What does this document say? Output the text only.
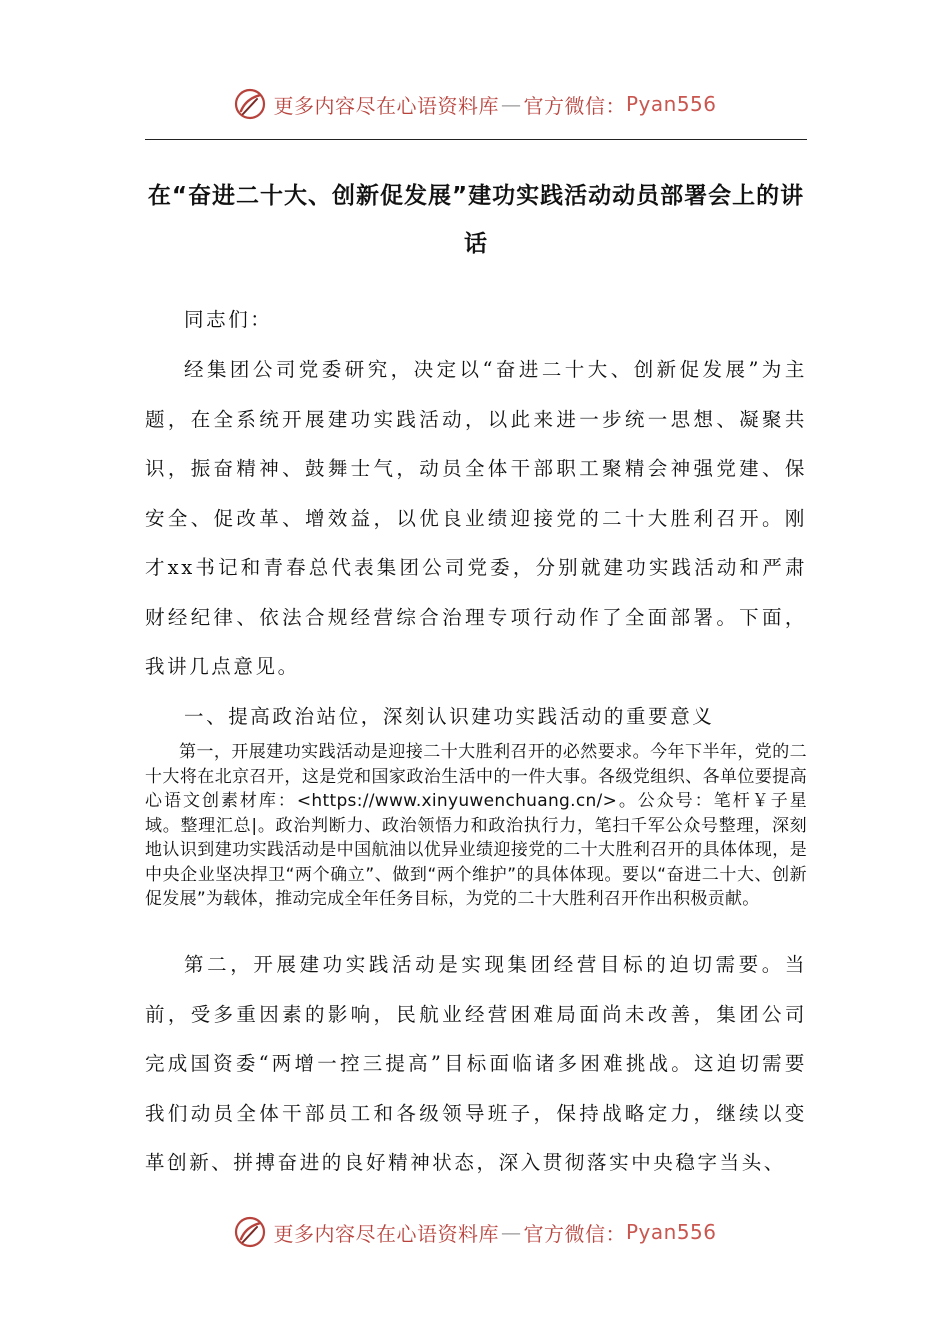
更多内容尽在心语资料库 — 官方微信： Pyan556
在“奋进二十大、创新促发展”建功实践活动动员部署会上的讲话

同志们：

经集团公司党委研究，决定以“奋进二十大、创新促发展”为主题，在全系统开展建功实践活动，以此来进一步统一思想、凝聚共识，振奋精神、鼓舞士气，动员全体干部职工聚精会神强党建、保安全、促改革、增效益，以优良业绩迎接党的二十大胜利召开。刚才xx书记和青春总代表集团公司党委，分别就建功实践活动和严肃财经纪律、依法合规经营综合治理专项行动作了全面部署。下面，我讲几点意见。

一、提高政治站位，深刻认识建功实践活动的重要意义

第一，开展建功实践活动是迎接二十大胜利召开的必然要求。今年下半年，党的二十大将在北京召开，这是党和国家政治生活中的一件大事。各级党组织、各单位要提高心语文创素材库：<https://www.xinyuwenchuang.cn/>。公众号：笔杆￥子星域。整理汇总|。政治判断力、政治领悟力和政治执行力，笔扫千军公众号整理，深刻地认识到建功实践活动是中国航油以优异业绩迎接党的二十大胜利召开的具体体现，是中央企业坚决捍卫“两个确立”、做到“两个维护”的具体体现。要以“奋进二十大、创新促发展”为载体，推动完成全年任务目标，为党的二十大胜利召开作出积极贡献。

第二，开展建功实践活动是实现集团经营目标的迫切需要。当前，受多重因素的影响，民航业经营困难局面尚未改善，集团公司完成国资委“两增一控三提高”目标面临诸多困难挑战。这迫切需要我们动员全体干部员工和各级领导班子，保持战略定力，继续以变革创新、拼搏奋进的良好精神状态，深入贯彻落实中央稳字当头、

更多内容尽在心语资料库 — 官方微信： Pyan556
